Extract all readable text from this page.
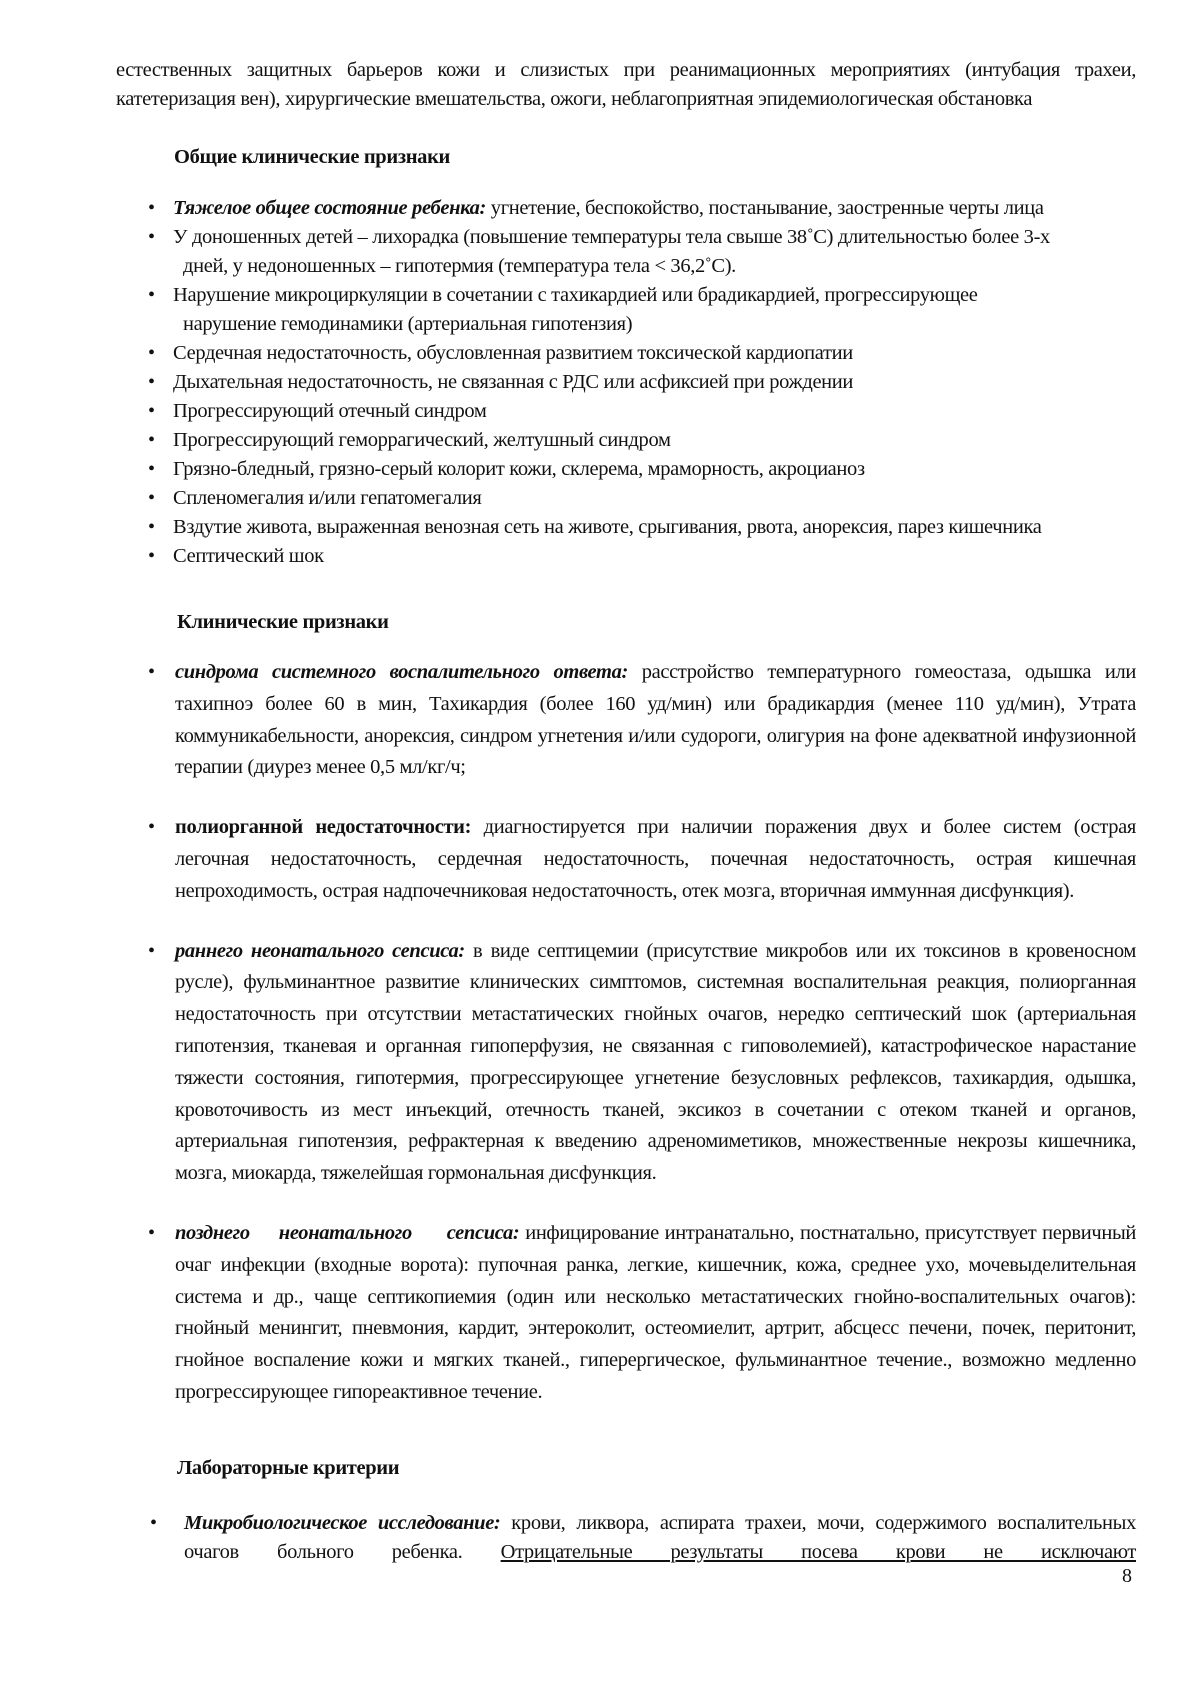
естественных защитных барьеров кожи и слизистых при реанимационных мероприятиях (интубация трахеи, катетеризация вен), хирургические вмешательства, ожоги, неблагоприятная эпидемиологическая обстановка

Общие клинические признаки
• Тяжелое общее состояние ребенка: угнетение, беспокойство, постанывание, заостренные черты лица
• У доношенных детей – лихорадка (повышение температуры тела свыше 38˚С) длительностью более 3-х
дней, у недоношенных – гипотермия (температура тела < 36,2˚С).
• Нарушение микроциркуляции в сочетании с тахикардией или брадикардией, прогрессирующее
нарушение гемодинамики (артериальная гипотензия)
• Сердечная недостаточность, обусловленная развитием токсической кардиопатии
• Дыхательная недостаточность, не связанная с РДС или асфиксией при рождении
• Прогрессирующий отечный синдром
• Прогрессирующий геморрагический, желтушный синдром
• Грязно-бледный, грязно-серый колорит кожи, склерема, мраморность, акроцианоз
• Спленомегалия и/или гепатомегалия
• Вздутие живота, выраженная венозная сеть на животе, срыгивания, рвота, анорексия, парез кишечника
• Септический шок
Клинические признаки
• синдрома системного воспалительного ответа: расстройство температурного гомеостаза, одышка или тахипноэ более 60 в мин, Тахикардия (более 160 уд/мин) или брадикардия (менее 110 уд/мин), Утрата коммуникабельности, анорексия, синдром угнетения и/или судороги, олигурия на фоне адекватной инфузионной терапии (диурез менее 0,5 мл/кг/ч;
• полиорганной недостаточности: диагностируется при наличии поражения двух и более систем (острая легочная недостаточность, сердечная недостаточность, почечная недостаточность, острая кишечная непроходимость, острая надпочечниковая недостаточность, отек мозга, вторичная иммунная дисфункция).
• раннего неонатального сепсиса: в виде септицемии (присутствие микробов или их токсинов в кровеносном русле), фульминантное развитие клинических симптомов, системная воспалительная реакция, полиорганная недостаточность при отсутствии метастатических гнойных очагов, нередко септический шок (артериальная гипотензия, тканевая и органная гипоперфузия, не связанная с гиповолемией), катастрофическое нарастание тяжести состояния, гипотермия, прогрессирующее угнетение безусловных рефлексов, тахикардия, одышка, кровоточивость из мест инъекций, отечность тканей, эксикоз в сочетании с отеком тканей и органов, артериальная гипотензия, рефрактерная к введению адреномиметиков, множественные некрозы кишечника, мозга, миокарда, тяжелейшая гормональная дисфункция.
• позднего     неонатального      сепсиса: инфицирование интранатально, постнатально, присутствует первичный очаг инфекции (входные ворота): пупочная ранка, легкие, кишечник, кожа, среднее ухо, мочевыделительная система и др., чаще септикопиемия (один или несколько метастатических гнойно-воспалительных очагов): гнойный менингит, пневмония, кардит, энтероколит, остеомиелит, артрит, абсцесс печени, почек, перитонит, гнойное воспаление кожи и мягких тканей., гиперергическое, фульминантное течение., возможно медленно прогрессирующее гипореактивное течение.
Лабораторные критерии
• Микробиологическое исследование: крови, ликвора, аспирата трахеи, мочи, содержимого воспалительных очагов больного ребенка. Отрицательные результаты посева крови не исключают
8
